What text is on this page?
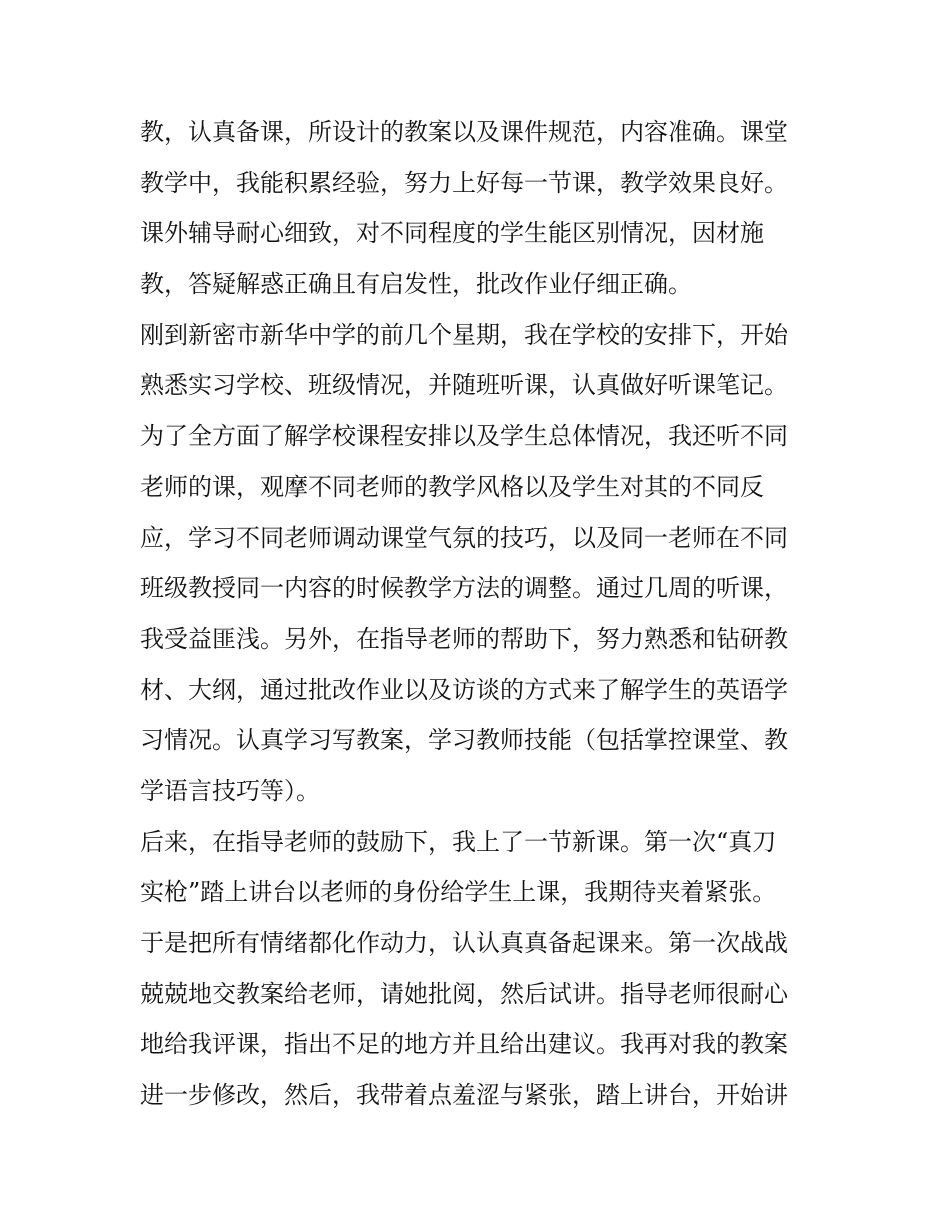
教，认真备课，所设计的教案以及课件规范，内容准确。课堂
教学中，我能积累经验，努力上好每一节课，教学效果良好。
课外辅导耐心细致，对不同程度的学生能区别情况，因材施
教，答疑解惑正确且有启发性，批改作业仔细正确。
刚到新密市新华中学的前几个星期，我在学校的安排下，开始
熟悉实习学校、班级情况，并随班听课，认真做好听课笔记。
为了全方面了解学校课程安排以及学生总体情况，我还听不同
老师的课，观摩不同老师的教学风格以及学生对其的不同反
应，学习不同老师调动课堂气氛的技巧，以及同一老师在不同
班级教授同一内容的时候教学方法的调整。通过几周的听课，
我受益匪浅。另外，在指导老师的帮助下，努力熟悉和钻研教
材、大纲，通过批改作业以及访谈的方式来了解学生的英语学
习情况。认真学习写教案，学习教师技能（包括掌控课堂、教
学语言技巧等）。
后来，在指导老师的鼓励下，我上了一节新课。第一次“真刀
实枪”踏上讲台以老师的身份给学生上课，我期待夹着紧张。
于是把所有情绪都化作动力，认认真真备起课来。第一次战战
兢兢地交教案给老师，请她批阅，然后试讲。指导老师很耐心
地给我评课，指出不足的地方并且给出建议。我再对我的教案
进一步修改，然后，我带着点羞涩与紧张，踏上讲台，开始讲
